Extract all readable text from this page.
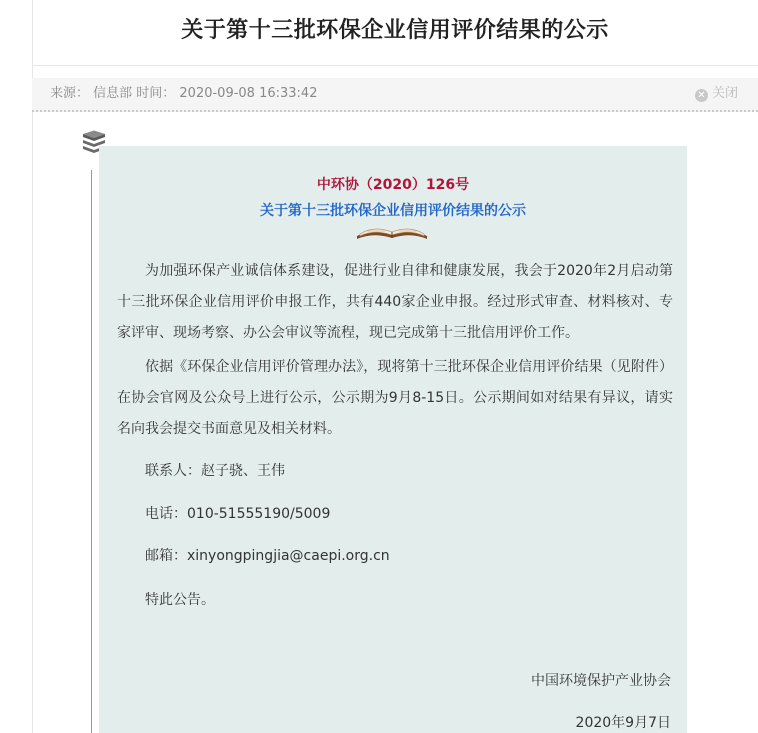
关于第十三批环保企业信用评价结果的公示
来源： 信息部 时间： 2020-09-08 16:33:42	✕ 关闭
中环协（2020）126号
关于第十三批环保企业信用评价结果的公示

为加强环保产业诚信体系建设，促进行业自律和健康发展，我会于2020年2月启动第十三批环保企业信用评价申报工作，共有440家企业申报。经过形式审查、材料核对、专家评审、现场考察、办公会审议等流程，现已完成第十三批信用评价工作。

依据《环保企业信用评价管理办法》，现将第十三批环保企业信用评价结果（见附件）在协会官网及公众号上进行公示，公示期为9月8-15日。公示期间如对结果有异议，请实名向我会提交书面意见及相关材料。

联系人：赵子骁、王伟
电话：010-51555190/5009
邮箱：xinyongpingjia@caepi.org.cn
特此公告。
中国环境保护产业协会
2020年9月7日
